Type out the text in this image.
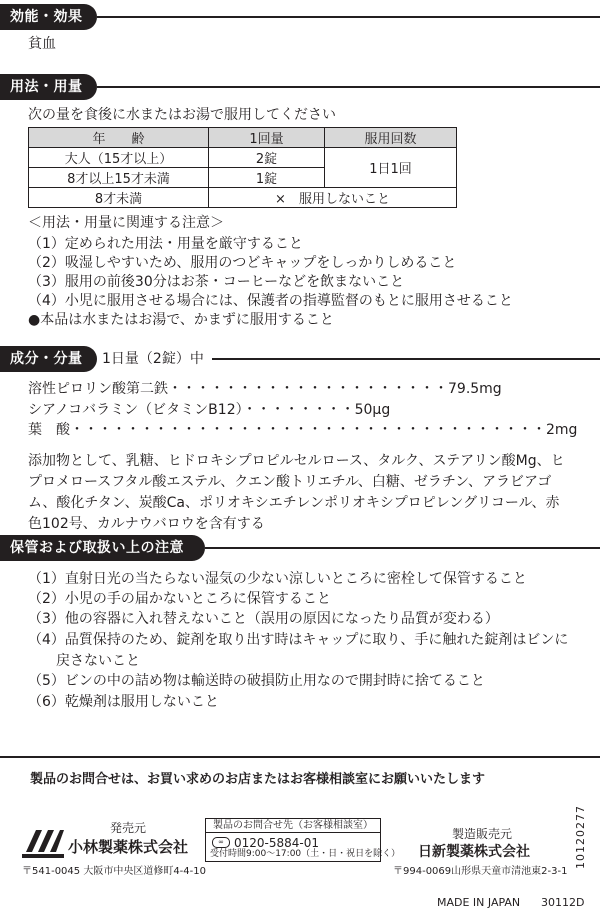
効能・効果
貧血
用法・用量
次の量を食後に水またはお湯で服用してください
年　　齢	1回量	服用回数
大人（15才以上）	2錠	1日1回
8才以上15才未満	1錠	
8才未満	×　服用しないこと	
＜用法・用量に関連する注意＞
（1）定められた用法・用量を厳守すること
（2）吸湿しやすいため、服用のつどキャップをしっかりしめること
（3）服用の前後30分はお茶・コーヒーなどを飲まないこと
（4）小児に服用させる場合には、保護者の指導監督のもとに服用させること
●本品は水またはお湯で、かまずに服用すること
成分・分量	1日量（2錠）中
溶性ピロリン酸第二鉄・・・・・・・・・・・・・・・・・・・・79.5mg
シアノコバラミン（ビタミンB12）・・・・・・・・50µg
葉　酸・・・・・・・・・・・・・・・・・・・・・・・・・・・・・・・・・・2mg
添加物として、乳糖、ヒドロキシプロピルセルロース、タルク、ステアリン酸Mg、ヒ
プロメロースフタル酸エステル、クエン酸トリエチル、白糖、ゼラチン、アラビアゴ
ム、酸化チタン、炭酸Ca、ポリオキシエチレンポリオキシプロピレングリコール、赤
色102号、カルナウバロウを含有する
保管および取扱い上の注意
（1）直射日光の当たらない湿気の少ない涼しいところに密栓して保管すること
（2）小児の手の届かないところに保管すること
（3）他の容器に入れ替えないこと（誤用の原因になったり品質が変わる）
（4）品質保持のため、錠剤を取り出す時はキャップに取り、手に触れた錠剤はビンに
　　戻さないこと
（5）ビンの中の詰め物は輸送時の破損防止用なので開封時に捨てること
（6）乾燥剤は服用しないこと
製品のお問合せは、お買い求めのお店またはお客様相談室にお願いいたします
発売元
小林製薬株式会社
〒541-0045 大阪市中央区道修町4-4-10
製品のお問合せ先（お客様相談室）
∞ 0120-5884-01
受付時間9:00～17:00（土・日・祝日を除く）
製造販売元
日新製薬株式会社
〒994-0069山形県天童市清池東2-3-1
10120277
MADE IN JAPAN 30112D
